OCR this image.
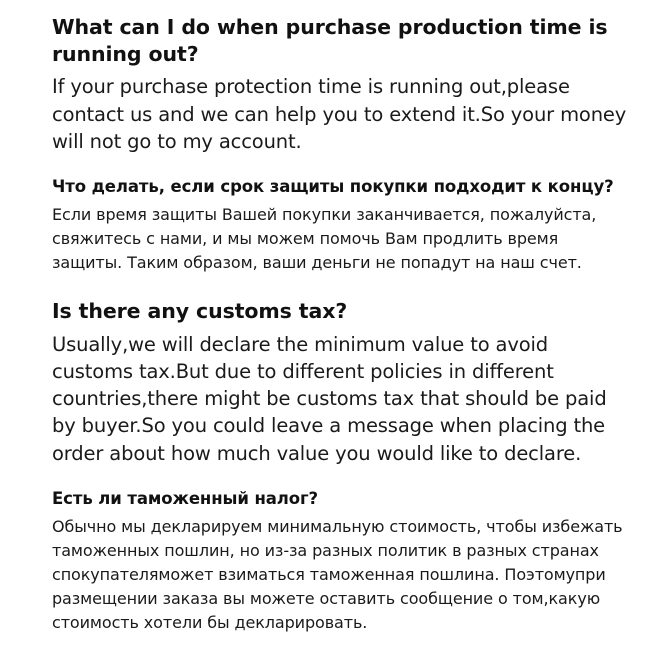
What can I do when purchase production time is running out?

If your purchase protection time is running out,please contact us and we can help you to extend it.So your money will not go to my account.

Что делать, если срок защиты покупки подходит к концу?

Если время защиты Вашей покупки заканчивается, пожалуйста, свяжитесь с нами, и мы можем помочь Вам продлить время защиты. Таким образом, ваши деньги не попадут на наш счет.

Is there any customs tax?

Usually,we will declare the minimum value to avoid customs tax.But due to different policies in different countries,there might be customs tax that should be paid by buyer.So you could leave a message when placing the order about how much value you would like to declare.

Есть ли таможенный налог?

Обычно мы декларируем минимальную стоимость, чтобы избежать таможенных пошлин, но из-за разных политик в разных странах спокупателяможет взиматься таможенная пошлина. Поэтомупри размещении заказа вы можете оставить сообщение о том,какую стоимость хотели бы декларировать.
